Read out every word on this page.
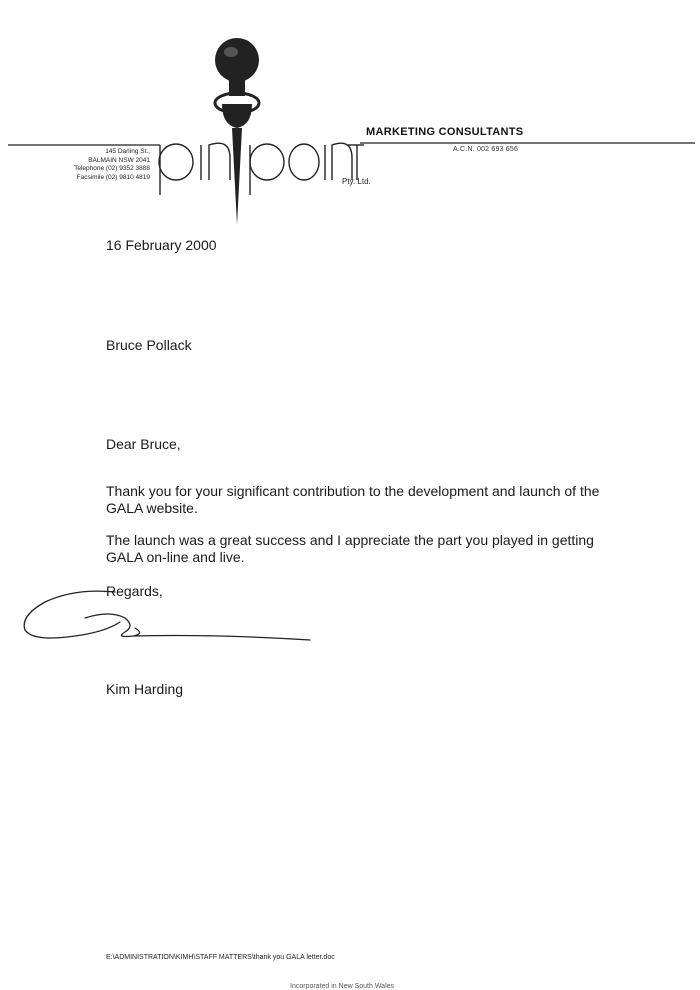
145 Darling St.,
BALMAIN NSW 2041
Telephone (02) 9352 3888
Facsimile (02) 9810 4819
MARKETING CONSULTANTS
A.C.N. 002 693 656
Pty. Ltd.
16 February 2000
Bruce Pollack
Dear Bruce,
Thank you for your significant contribution to the development and launch of the GALA website.
The launch was a great success and I appreciate the part you played in getting GALA on-line and live.
Regards,
Kim Harding
E:\ADMINISTRATION\KIMH\STAFF MATTERS\thank you GALA letter.doc
Incorporated in New South Wales
